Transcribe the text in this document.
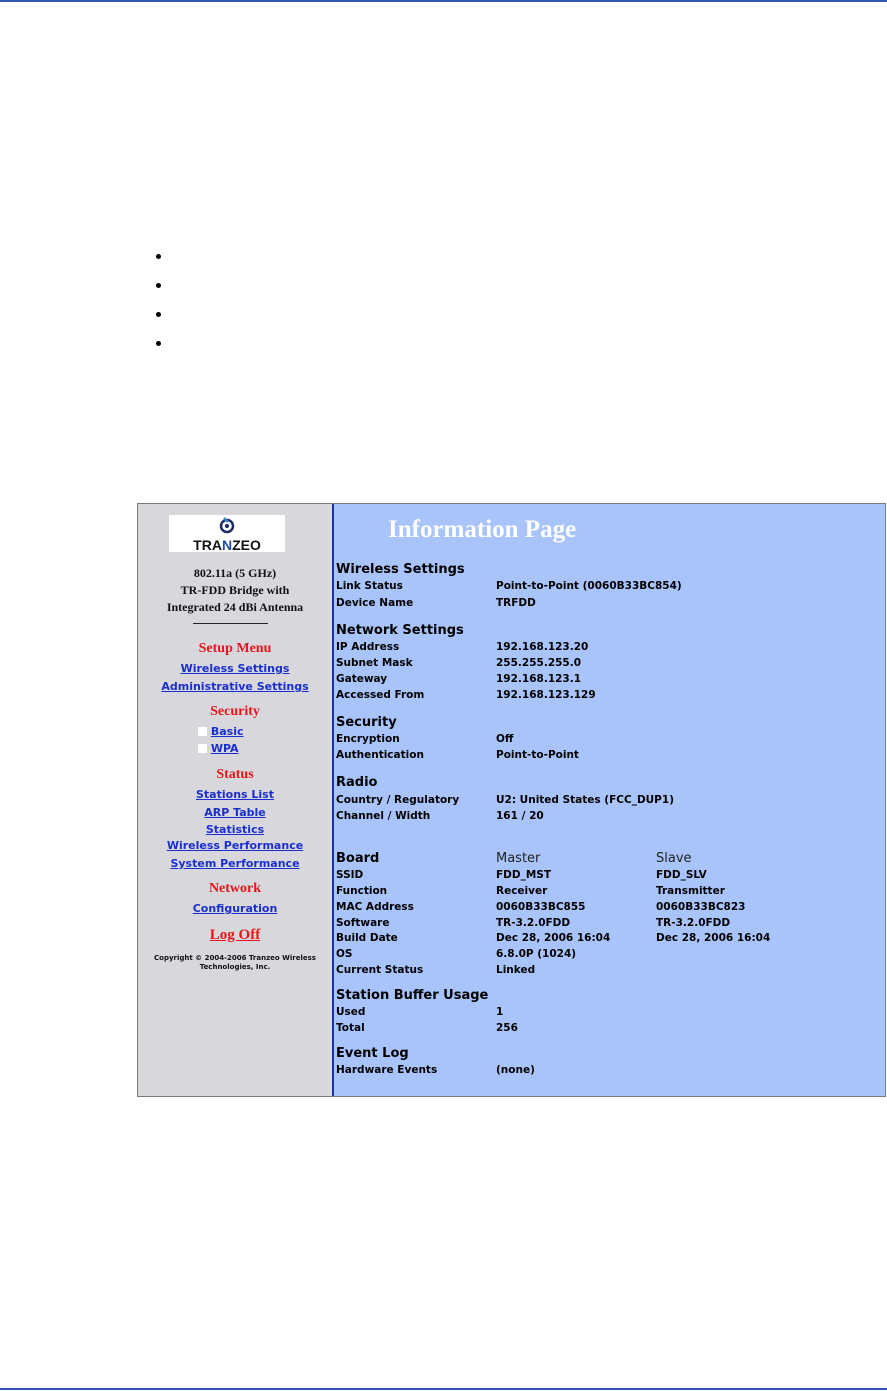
TRANZEO
802.11a (5 GHz)
TR-FDD Bridge with
Integrated 24 dBi Antenna
Setup Menu
Wireless Settings
Administrative Settings
Security
Basic
WPA
Status
Stations List
ARP Table
Statistics
Wireless Performance
System Performance
Network
Configuration
Log Off
Copyright © 2004-2006 Tranzeo Wireless
Technologies, Inc.
Information Page
Wireless Settings
Link Status	Point-to-Point (0060B33BC854)
Device Name	TRFDD
Network Settings
IP Address	192.168.123.20
Subnet Mask	255.255.255.0
Gateway	192.168.123.1
Accessed From	192.168.123.129
Security
Encryption	Off
Authentication	Point-to-Point
Radio
Country / Regulatory	U2: United States (FCC_DUP1)
Channel / Width	161 / 20
Board	Master	Slave
SSID	FDD_MST	FDD_SLV
Function	Receiver	Transmitter
MAC Address	0060B33BC855	0060B33BC823
Software	TR-3.2.0FDD	TR-3.2.0FDD
Build Date	Dec 28, 2006 16:04	Dec 28, 2006 16:04
OS	6.8.0P (1024)
Current Status	Linked
Station Buffer Usage
Used	1
Total	256
Event Log
Hardware Events	(none)
